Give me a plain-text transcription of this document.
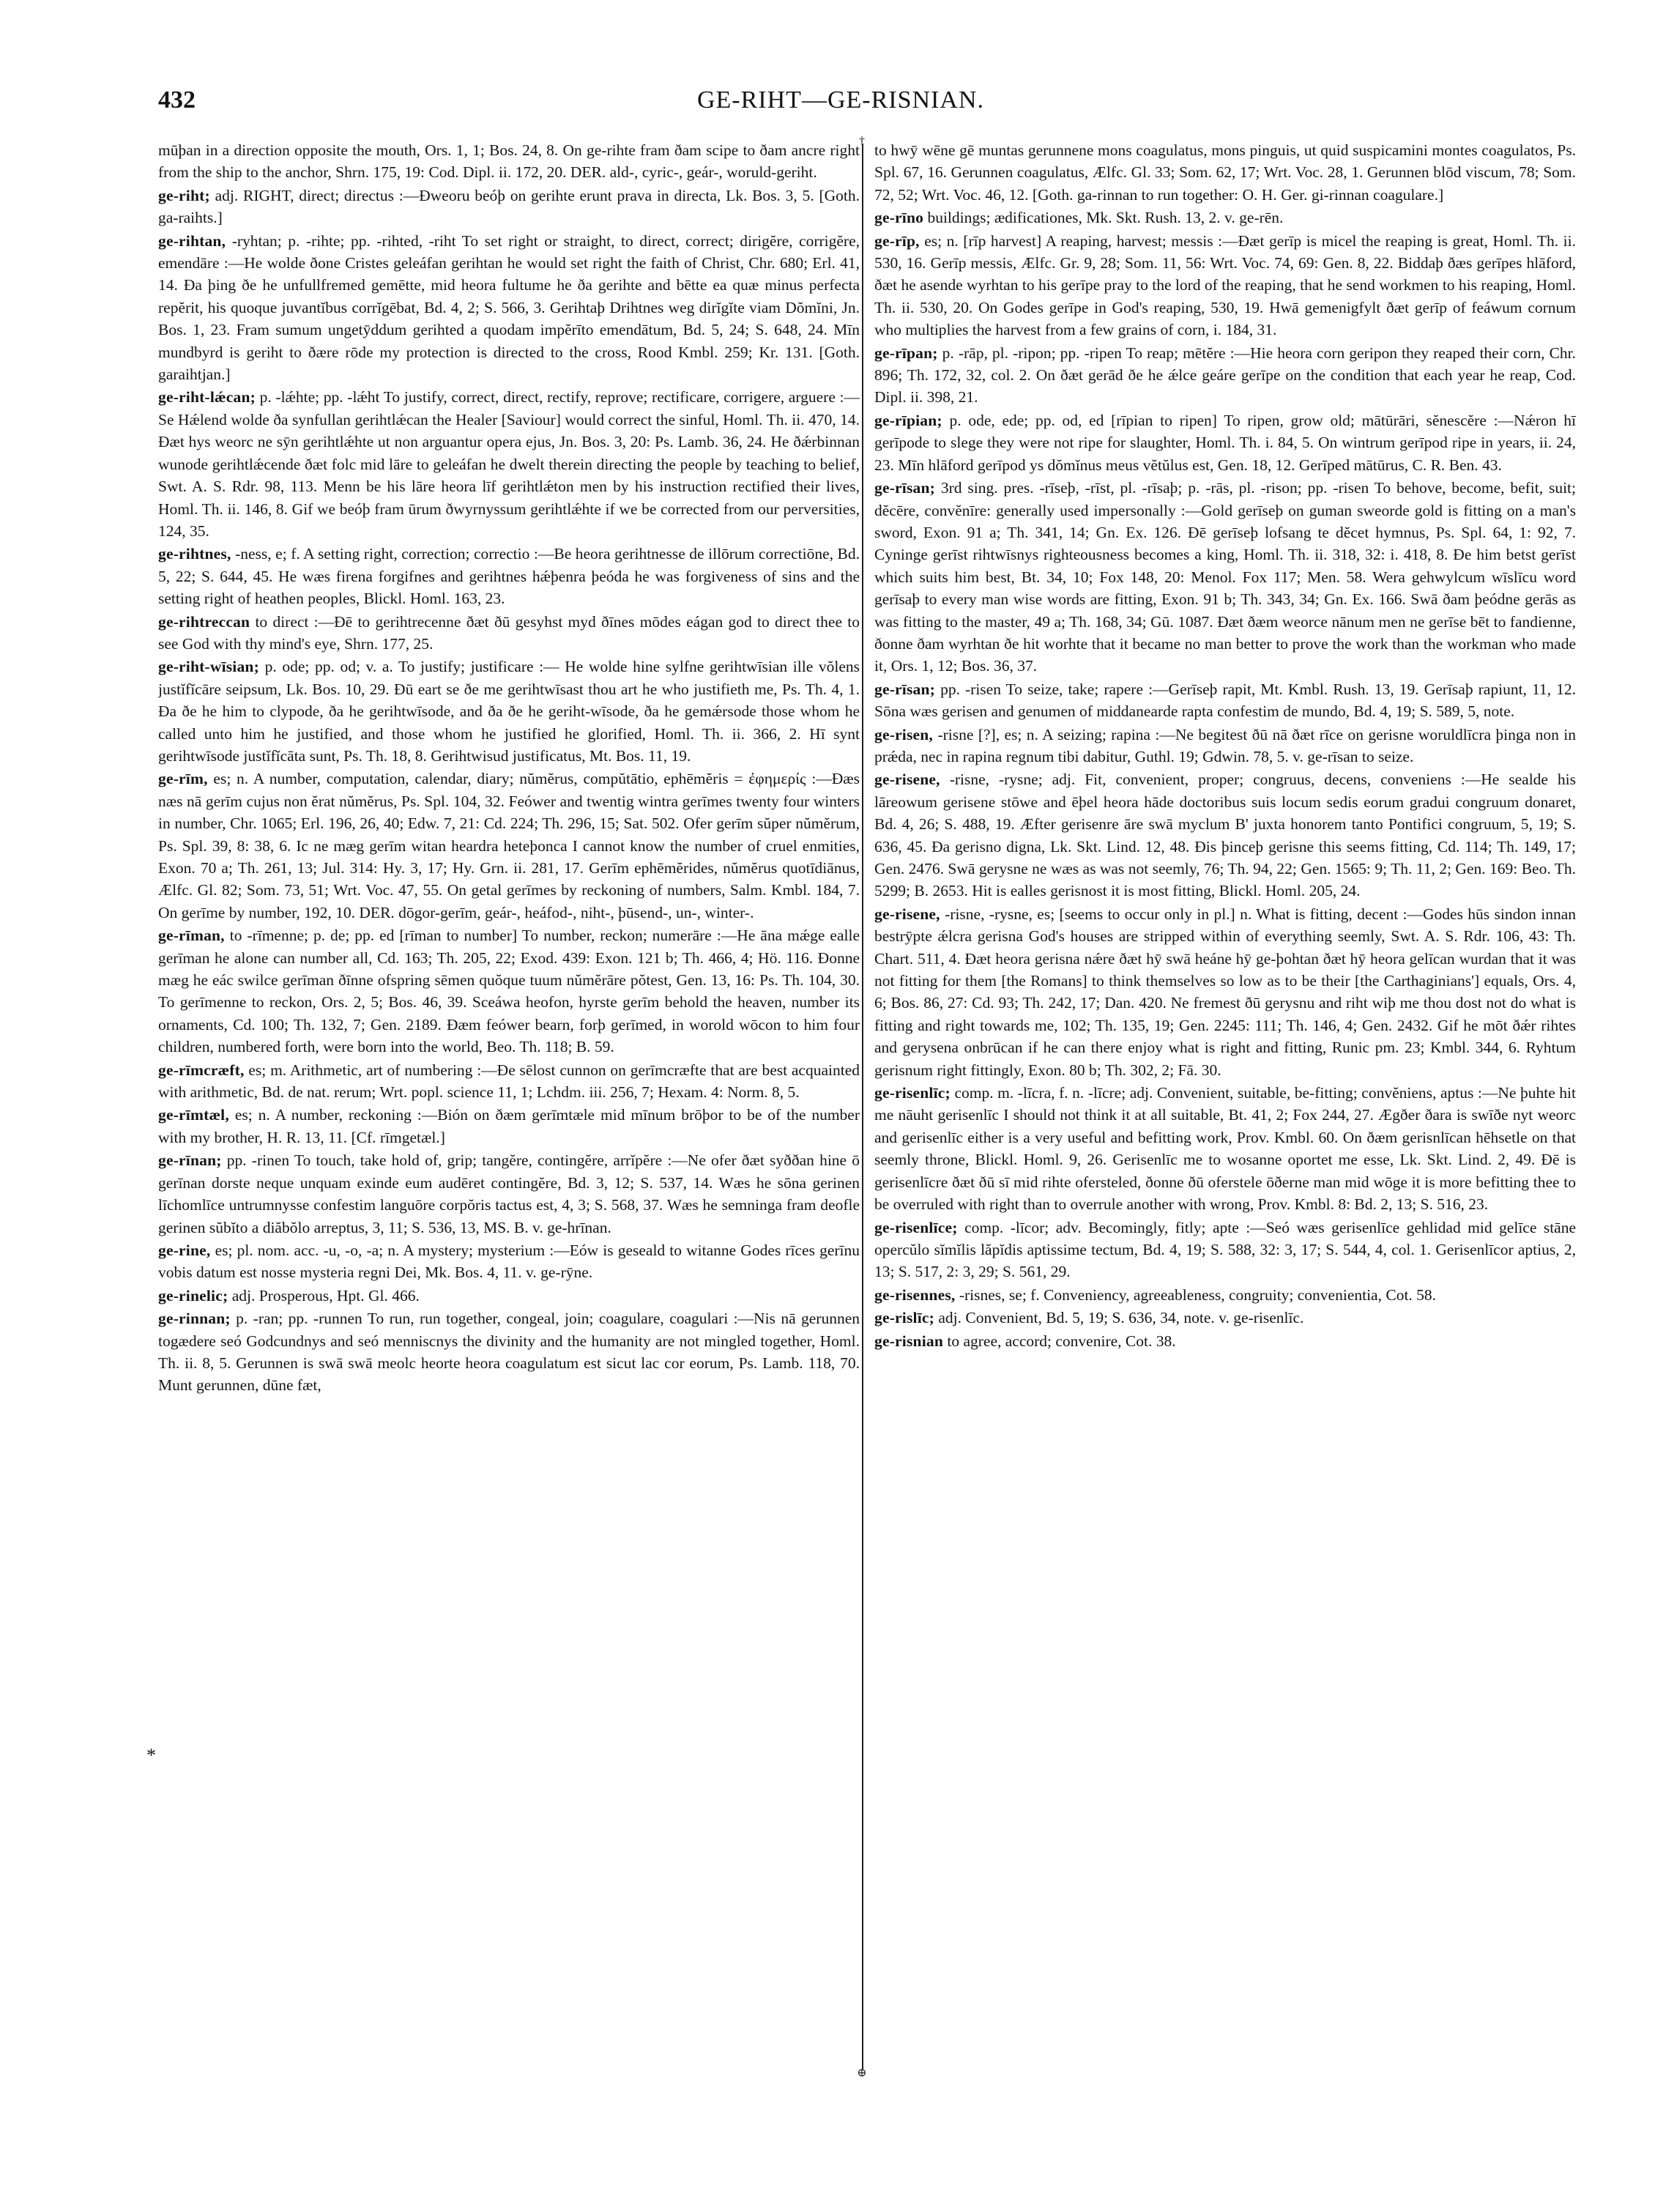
432	GE-RIHT—GE-RISNIAN.
†
⊕
*

mūþan in a direction opposite the mouth, Ors. 1, 1; Bos. 24, 8. On ge-rihte fram ðam scipe to ðam ancre right from the ship to the anchor, Shrn. 175, 19: Cod. Dipl. ii. 172, 20. DER. ald-, cyric-, geár-, woruld-geriht.

ge-riht; adj. RIGHT, direct; directus :—Ðweoru beóþ on gerihte erunt prava in directa, Lk. Bos. 3, 5. [Goth. ga-raihts.]

ge-rihtan, -ryhtan; p. -rihte; pp. -rihted, -riht To set right or straight, to direct, correct; dirigĕre, corrigĕre, emendāre :—He wolde ðone Cristes geleáfan gerihtan he would set right the faith of Christ, Chr. 680; Erl. 41, 14. Ða þing ðe he unfullfremed gemētte, mid heora fultume he ða gerihte and bētte ea quæ minus perfecta repĕrit, his quoque juvantĭbus corrĭgēbat, Bd. 4, 2; S. 566, 3. Gerihtaþ Drihtnes weg dirĭgĭte viam Dŏmĭni, Jn. Bos. 1, 23. Fram sumum ungetȳddum gerihted a quodam impĕrīto emendātum, Bd. 5, 24; S. 648, 24. Mīn mundbyrd is geriht to ðære rōde my protection is directed to the cross, Rood Kmbl. 259; Kr. 131. [Goth. garaihtjan.]

ge-riht-lǽcan; p. -lǽhte; pp. -lǽht To justify, correct, direct, rectify, reprove; rectificare, corrigere, arguere :—Se Hǽlend wolde ða synfullan gerihtlǽcan the Healer [Saviour] would correct the sinful, Homl. Th. ii. 470, 14. Ðæt hys weorc ne sȳn gerihtlǽhte ut non arguantur opera ejus, Jn. Bos. 3, 20: Ps. Lamb. 36, 24. He ðǽrbinnan wunode gerihtlǽcende ðæt folc mid lāre to geleáfan he dwelt therein directing the people by teaching to belief, Swt. A. S. Rdr. 98, 113. Menn be his lāre heora līf gerihtlǽton men by his instruction rectified their lives, Homl. Th. ii. 146, 8. Gif we beóþ fram ūrum ðwyrnyssum gerihtlǽhte if we be corrected from our perversities, 124, 35.

ge-rihtnes, -ness, e; f. A setting right, correction; correctio :—Be heora gerihtnesse de illōrum correctiōne, Bd. 5, 22; S. 644, 45. He wæs firena forgifnes and gerihtnes hǽþenra þeóda he was forgiveness of sins and the setting right of heathen peoples, Blickl. Homl. 163, 23.

ge-rihtreccan to direct :—Ðē to gerihtrecenne ðæt ðū gesyhst myd ðīnes mōdes eágan god to direct thee to see God with thy mind's eye, Shrn. 177, 25.

ge-riht-wīsian; p. ode; pp. od; v. a. To justify; justificare :— He wolde hine sylfne gerihtwīsian ille vŏlens justĭfĭcāre seipsum, Lk. Bos. 10, 29. Ðū eart se ðe me gerihtwīsast thou art he who justifieth me, Ps. Th. 4, 1. Ða ðe he him to clypode, ða he gerihtwīsode, and ða ðe he geriht-wīsode, ða he gemǽrsode those whom he called unto him he justified, and those whom he justified he glorified, Homl. Th. ii. 366, 2. Hī synt gerihtwīsode justĭfĭcāta sunt, Ps. Th. 18, 8. Gerihtwisud justificatus, Mt. Bos. 11, 19.

ge-rīm, es; n. A number, computation, calendar, diary; nŭmĕrus, compŭtātio, ephēmĕris = ἐφημερίς :—Ðæs næs nā gerīm cujus non ĕrat nŭmĕrus, Ps. Spl. 104, 32. Feówer and twentig wintra gerīmes twenty four winters in number, Chr. 1065; Erl. 196, 26, 40; Edw. 7, 21: Cd. 224; Th. 296, 15; Sat. 502. Ofer gerīm sŭper nŭmĕrum, Ps. Spl. 39, 8: 38, 6. Ic ne mæg gerīm witan heardra heteþonca I cannot know the number of cruel enmities, Exon. 70 a; Th. 261, 13; Jul. 314: Hy. 3, 17; Hy. Grn. ii. 281, 17. Gerīm ephēmĕrides, nŭmĕrus quotīdiānus, Ælfc. Gl. 82; Som. 73, 51; Wrt. Voc. 47, 55. On getal gerīmes by reckoning of numbers, Salm. Kmbl. 184, 7. On gerīme by number, 192, 10. DER. dōgor-gerīm, geár-, heáfod-, niht-, þūsend-, un-, winter-.

ge-rīman, to -rīmenne; p. de; pp. ed [rīman to number] To number, reckon; numerāre :—He āna mǽge ealle gerīman he alone can number all, Cd. 163; Th. 205, 22; Exod. 439: Exon. 121 b; Th. 466, 4; Hö. 116. Ðonne mæg he eác swilce gerīman ðīnne ofspring sēmen quŏque tuum nŭmĕrāre pŏtest, Gen. 13, 16: Ps. Th. 104, 30. To gerīmenne to reckon, Ors. 2, 5; Bos. 46, 39. Sceáwa heofon, hyrste gerīm behold the heaven, number its ornaments, Cd. 100; Th. 132, 7; Gen. 2189. Ðæm feówer bearn, forþ gerīmed, in worold wōcon to him four children, numbered forth, were born into the world, Beo. Th. 118; B. 59.

ge-rīmcræft, es; m. Arithmetic, art of numbering :—Ðe sēlost cunnon on gerīmcræfte that are best acquainted with arithmetic, Bd. de nat. rerum; Wrt. popl. science 11, 1; Lchdm. iii. 256, 7; Hexam. 4: Norm. 8, 5.

ge-rīmtæl, es; n. A number, reckoning :—Bión on ðæm gerīmtæle mid mīnum brōþor to be of the number with my brother, H. R. 13, 11. [Cf. rīmgetæl.]

ge-rīnan; pp. -rinen To touch, take hold of, grip; tangĕre, contingĕre, arrĭpĕre :—Ne ofer ðæt syððan hine ō gerīnan dorste neque unquam exinde eum audēret contingĕre, Bd. 3, 12; S. 537, 14. Wæs he sōna gerinen līchomlīce untrumnysse confestim languōre corpŏris tactus est, 4, 3; S. 568, 37. Wæs he semninga fram deofle gerinen sŭbĭto a diăbŏlo arreptus, 3, 11; S. 536, 13, MS. B. v. ge-hrīnan.

ge-rine, es; pl. nom. acc. -u, -o, -a; n. A mystery; mysterium :—Eów is geseald to witanne Godes rīces gerīnu vobis datum est nosse mysteria regni Dei, Mk. Bos. 4, 11. v. ge-rȳne.

ge-rinelic; adj. Prosperous, Hpt. Gl. 466.

ge-rinnan; p. -ran; pp. -runnen To run, run together, congeal, join; coagulare, coagulari :—Nis nā gerunnen togædere seó Godcundnys and seó menniscnys the divinity and the humanity are not mingled together, Homl. Th. ii. 8, 5. Gerunnen is swā swā meolc heorte heora coagulatum est sicut lac cor eorum, Ps. Lamb. 118, 70. Munt gerunnen, dūne fæt,

to hwȳ wēne gē muntas gerunnene mons coagulatus, mons pinguis, ut quid suspicamini montes coagulatos, Ps. Spl. 67, 16. Gerunnen coagulatus, Ælfc. Gl. 33; Som. 62, 17; Wrt. Voc. 28, 1. Gerunnen blōd viscum, 78; Som. 72, 52; Wrt. Voc. 46, 12. [Goth. ga-rinnan to run together: O. H. Ger. gi-rinnan coagulare.]

ge-rīno buildings; ædificationes, Mk. Skt. Rush. 13, 2. v. ge-rēn.

ge-rīp, es; n. [rīp harvest] A reaping, harvest; messis :—Ðæt gerīp is micel the reaping is great, Homl. Th. ii. 530, 16. Gerīp messis, Ælfc. Gr. 9, 28; Som. 11, 56: Wrt. Voc. 74, 69: Gen. 8, 22. Biddaþ ðæs gerīpes hlāford, ðæt he asende wyrhtan to his gerīpe pray to the lord of the reaping, that he send workmen to his reaping, Homl. Th. ii. 530, 20. On Godes gerīpe in God's reaping, 530, 19. Hwā gemenigfylt ðæt gerīp of feáwum cornum who multiplies the harvest from a few grains of corn, i. 184, 31.

ge-rīpan; p. -rāp, pl. -ripon; pp. -ripen To reap; mētĕre :—Hie heora corn geripon they reaped their corn, Chr. 896; Th. 172, 32, col. 2. On ðæt gerād ðe he ǽlce geáre gerīpe on the condition that each year he reap, Cod. Dipl. ii. 398, 21.

ge-rīpian; p. ode, ede; pp. od, ed [rīpian to ripen] To ripen, grow old; mātūrāri, sĕnescĕre :—Nǽron hī gerīpode to slege they were not ripe for slaughter, Homl. Th. i. 84, 5. On wintrum gerīpod ripe in years, ii. 24, 23. Mīn hlāford gerīpod ys dŏmĭnus meus vĕtŭlus est, Gen. 18, 12. Gerīped mātūrus, C. R. Ben. 43.

ge-rīsan; 3rd sing. pres. -rīseþ, -rīst, pl. -rīsaþ; p. -rās, pl. -rison; pp. -risen To behove, become, befit, suit; dĕcēre, convĕnīre: generally used impersonally :—Gold gerīseþ on guman sweorde gold is fitting on a man's sword, Exon. 91 a; Th. 341, 14; Gn. Ex. 126. Ðē gerīseþ lofsang te dĕcet hymnus, Ps. Spl. 64, 1: 92, 7. Cyninge gerīst rihtwīsnys righteousness becomes a king, Homl. Th. ii. 318, 32: i. 418, 8. Ðe him betst gerīst which suits him best, Bt. 34, 10; Fox 148, 20: Menol. Fox 117; Men. 58. Wera gehwylcum wīslīcu word gerīsaþ to every man wise words are fitting, Exon. 91 b; Th. 343, 34; Gn. Ex. 166. Swā ðam þeódne gerās as was fitting to the master, 49 a; Th. 168, 34; Gū. 1087. Ðæt ðæm weorce nānum men ne gerīse bēt to fandienne, ðonne ðam wyrhtan ðe hit worhte that it became no man better to prove the work than the workman who made it, Ors. 1, 12; Bos. 36, 37.

ge-rīsan; pp. -risen To seize, take; rapere :—Gerīseþ rapit, Mt. Kmbl. Rush. 13, 19. Gerīsaþ rapiunt, 11, 12. Sōna wæs gerisen and genumen of middanearde rapta confestim de mundo, Bd. 4, 19; S. 589, 5, note.

ge-risen, -risne [?], es; n. A seizing; rapina :—Ne begitest ðū nā ðæt rīce on gerisne woruldlīcra þinga non in prǽda, nec in rapina regnum tibi dabitur, Guthl. 19; Gdwin. 78, 5. v. ge-rīsan to seize.

ge-risene, -risne, -rysne; adj. Fit, convenient, proper; congruus, decens, conveniens :—He sealde his lāreowum gerisene stōwe and ēþel heora hāde doctoribus suis locum sedis eorum gradui congruum donaret, Bd. 4, 26; S. 488, 19. Æfter gerisenre āre swā myclum B' juxta honorem tanto Pontifici congruum, 5, 19; S. 636, 45. Ða gerisno digna, Lk. Skt. Lind. 12, 48. Ðis þinceþ gerisne this seems fitting, Cd. 114; Th. 149, 17; Gen. 2476. Swā gerysne ne wæs as was not seemly, 76; Th. 94, 22; Gen. 1565: 9; Th. 11, 2; Gen. 169: Beo. Th. 5299; B. 2653. Hit is ealles gerisnost it is most fitting, Blickl. Homl. 205, 24.

ge-risene, -risne, -rysne, es; [seems to occur only in pl.] n. What is fitting, decent :—Godes hūs sindon innan bestrȳpte ǽlcra gerisna God's houses are stripped within of everything seemly, Swt. A. S. Rdr. 106, 43: Th. Chart. 511, 4. Ðæt heora gerisna nǽre ðæt hȳ swā heáne hȳ ge-þohtan ðæt hȳ heora gelīcan wurdan that it was not fitting for them [the Romans] to think themselves so low as to be their [the Carthaginians'] equals, Ors. 4, 6; Bos. 86, 27: Cd. 93; Th. 242, 17; Dan. 420. Ne fremest ðū gerysnu and riht wiþ me thou dost not do what is fitting and right towards me, 102; Th. 135, 19; Gen. 2245: 111; Th. 146, 4; Gen. 2432. Gif he mōt ðǽr rihtes and gerysena onbrūcan if he can there enjoy what is right and fitting, Runic pm. 23; Kmbl. 344, 6. Ryhtum gerisnum right fittingly, Exon. 80 b; Th. 302, 2; Fā. 30.

ge-risenlīc; comp. m. -līcra, f. n. -līcre; adj. Convenient, suitable, be-fitting; convĕniens, aptus :—Ne þuhte hit me nāuht gerisenlīc I should not think it at all suitable, Bt. 41, 2; Fox 244, 27. Ægðer ðara is swīðe nyt weorc and gerisenlīc either is a very useful and befitting work, Prov. Kmbl. 60. On ðæm gerisnlīcan hēhsetle on that seemly throne, Blickl. Homl. 9, 26. Gerisenlīc me to wosanne oportet me esse, Lk. Skt. Lind. 2, 49. Ðē is gerisenlīcre ðæt ðū sī mid rihte ofersteled, ðonne ðū oferstele ōðerne man mid wōge it is more befitting thee to be overruled with right than to overrule another with wrong, Prov. Kmbl. 8: Bd. 2, 13; S. 516, 23.

ge-risenlīce; comp. -līcor; adv. Becomingly, fitly; apte :—Seó wæs gerisenlīce gehlidad mid gelīce stāne opercŭlo sĭmĭlis lăpĭdis aptissime tectum, Bd. 4, 19; S. 588, 32: 3, 17; S. 544, 4, col. 1. Gerisenlīcor aptius, 2, 13; S. 517, 2: 3, 29; S. 561, 29.

ge-risennes, -risnes, se; f. Conveniency, agreeableness, congruity; convenientia, Cot. 58.

ge-rislīc; adj. Convenient, Bd. 5, 19; S. 636, 34, note. v. ge-risenlīc.

ge-risnian to agree, accord; convenire, Cot. 38.
